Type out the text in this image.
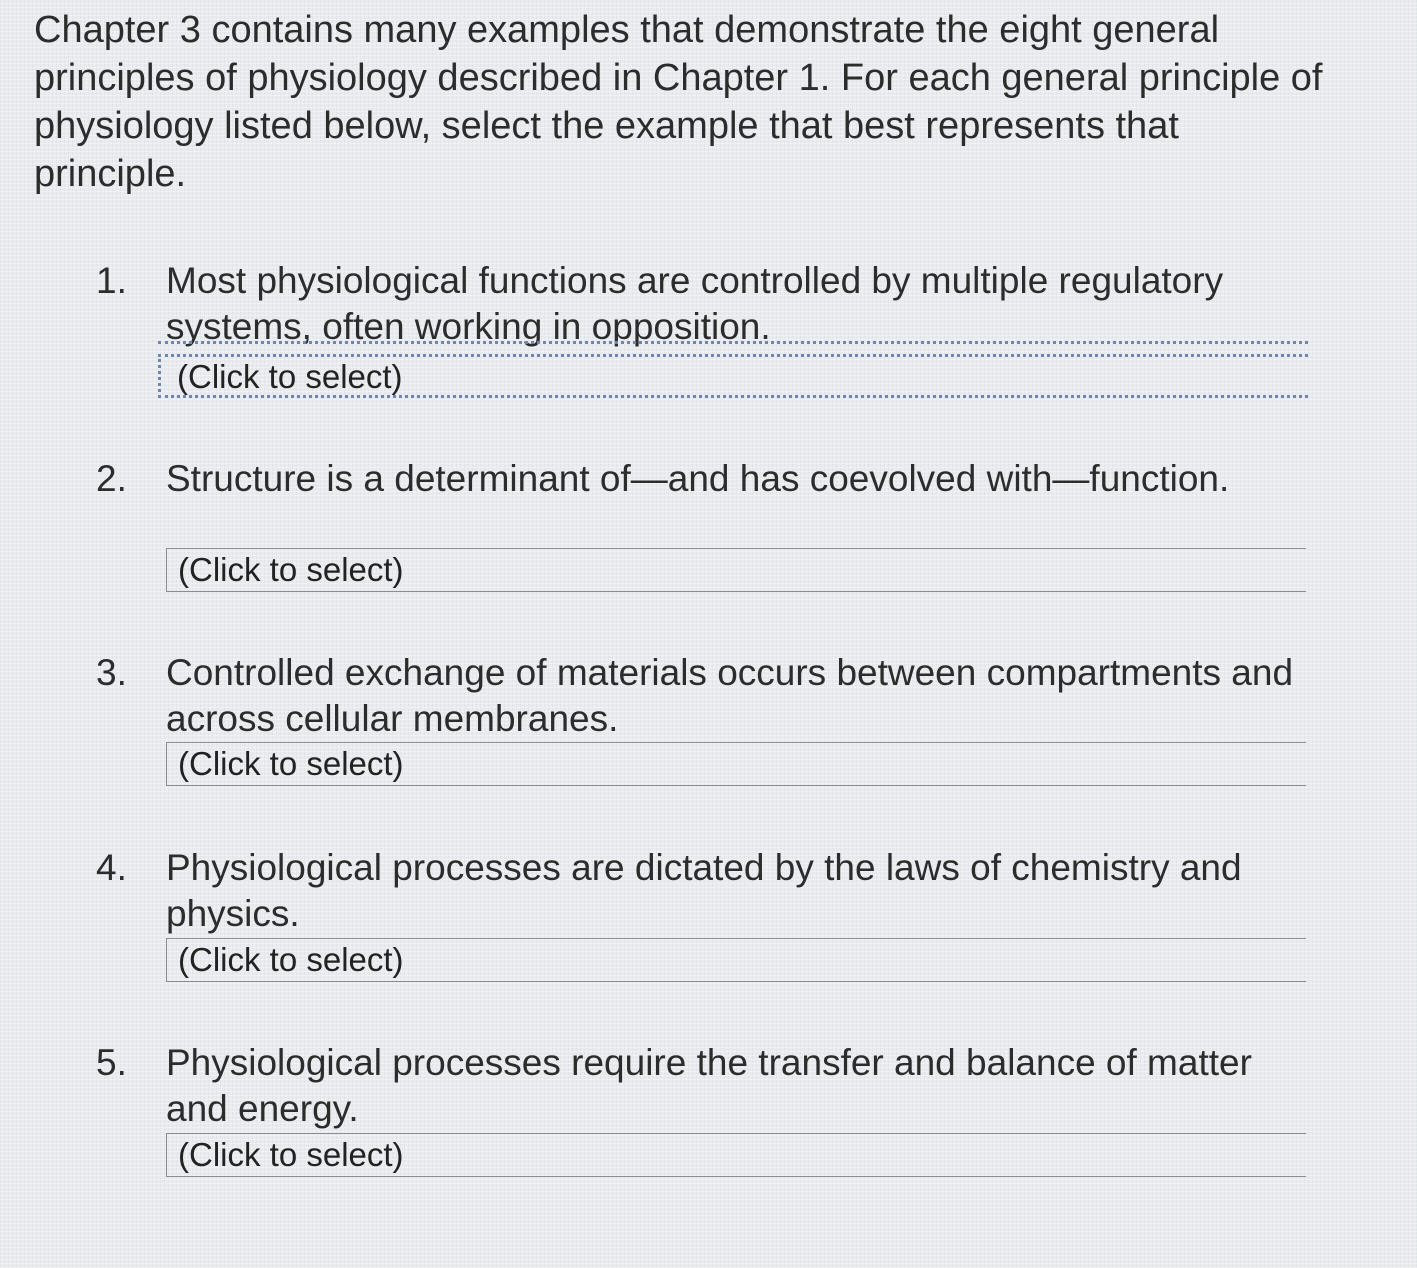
Chapter 3 contains many examples that demonstrate the eight general principles of physiology described in Chapter 1. For each general principle of physiology listed below, select the example that best represents that principle.

1. Most physiological functions are controlled by multiple regulatory systems, often working in opposition.

(Click to select)
2. Structure is a determinant of—and has coevolved with—function.

(Click to select)
3. Controlled exchange of materials occurs between compartments and across cellular membranes.

(Click to select)
4. Physiological processes are dictated by the laws of chemistry and physics.

(Click to select)
5. Physiological processes require the transfer and balance of matter and energy.

(Click to select)
